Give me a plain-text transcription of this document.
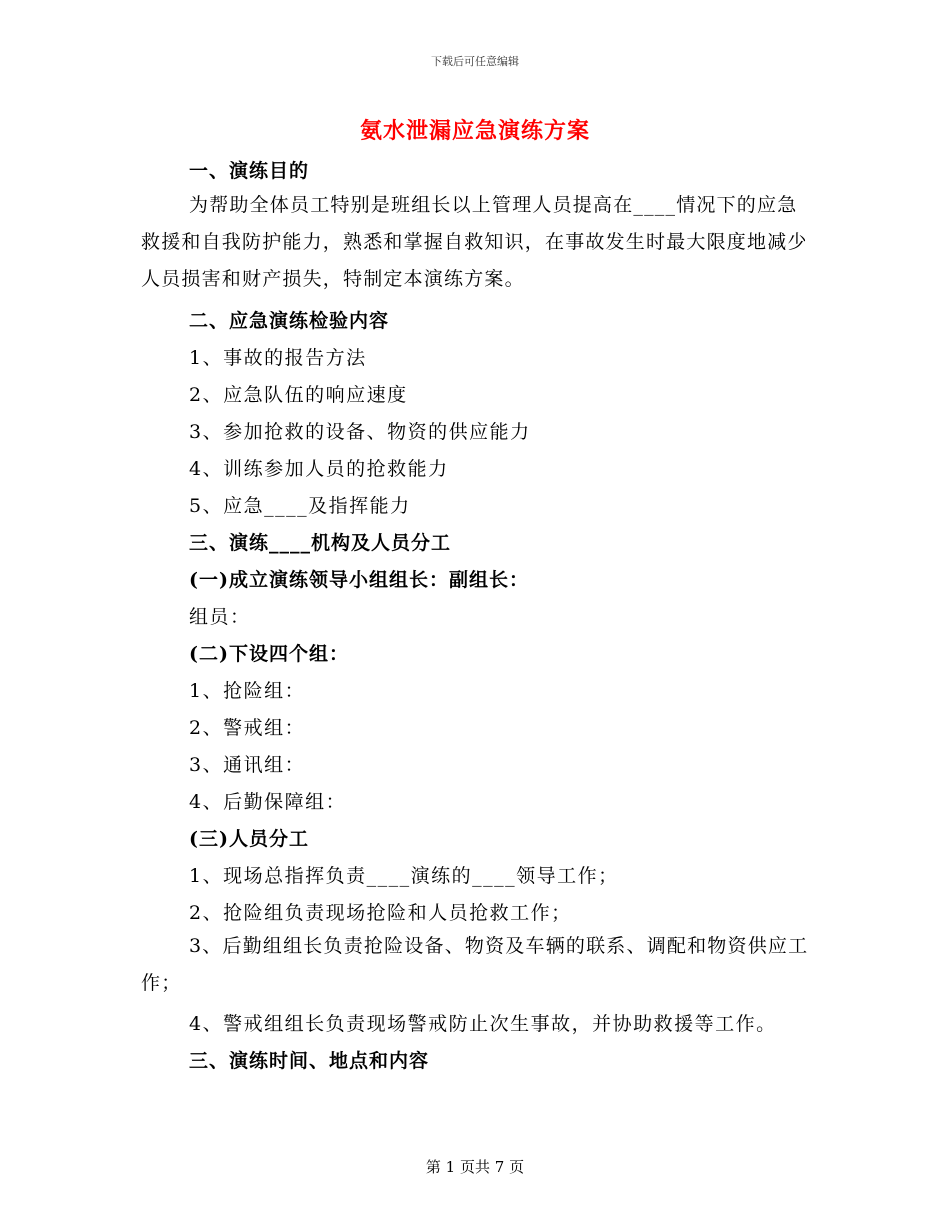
下载后可任意编辑
氨水泄漏应急演练方案
一、演练目的
为帮助全体员工特别是班组长以上管理人员提高在____情况下的应急救援和自我防护能力，熟悉和掌握自救知识，在事故发生时最大限度地减少人员损害和财产损失，特制定本演练方案。
二、应急演练检验内容
1、事故的报告方法
2、应急队伍的响应速度
3、参加抢救的设备、物资的供应能力
4、训练参加人员的抢救能力
5、应急____及指挥能力
三、演练____机构及人员分工
(一)成立演练领导小组组长：副组长：
组员：
(二)下设四个组：
1、抢险组：
2、警戒组：
3、通讯组：
4、后勤保障组：
(三)人员分工
1、现场总指挥负责____演练的____领导工作；
2、抢险组负责现场抢险和人员抢救工作；
3、后勤组组长负责抢险设备、物资及车辆的联系、调配和物资供应工作；
4、警戒组组长负责现场警戒防止次生事故，并协助救援等工作。
三、演练时间、地点和内容
第 1 页共 7 页
